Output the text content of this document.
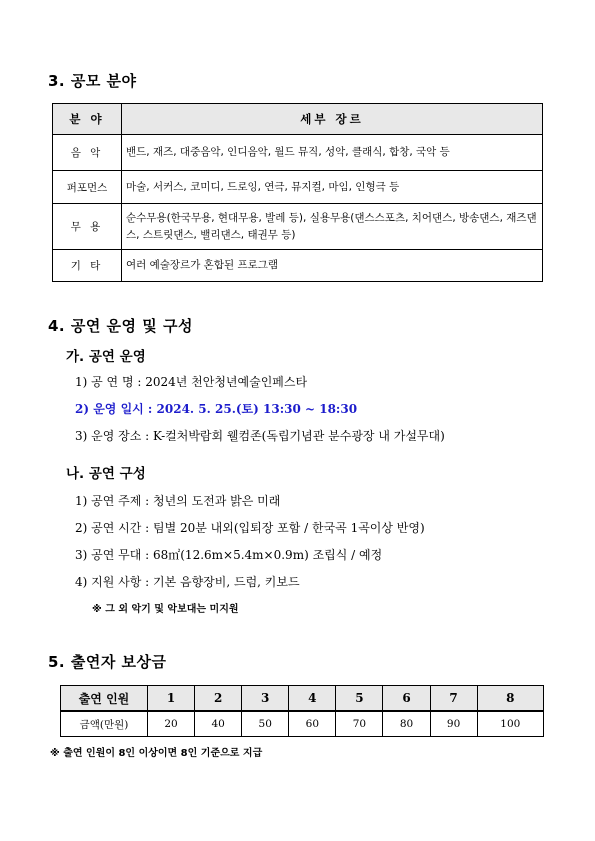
3. 공모 분야
분 야	세부 장르
음 악	밴드, 재즈, 대중음악, 인디음악, 월드 뮤직, 성악, 클래식, 합창, 국악 등
퍼포먼스	마술, 서커스, 코미디, 드로잉, 연극, 뮤지컬, 마임, 인형극 등
무 용	순수무용(한국무용, 현대무용, 발레 등), 실용무용(댄스스포츠, 치어댄스, 방송댄스, 재즈댄스, 스트릿댄스, 밸리댄스, 태권무 등)
기 타	여러 예술장르가 혼합된 프로그램
4. 공연 운영 및 구성
가. 공연 운영
1) 공 연 명 : 2024년 천안청년예술인페스타
2) 운영 일시 : 2024. 5. 25.(토) 13:30 ~ 18:30
3) 운영 장소 : K-컬처박람회 웰컴존(독립기념관 분수광장 내 가설무대)
나. 공연 구성
1) 공연 주제 : 청년의 도전과 밝은 미래
2) 공연 시간 : 팀별 20분 내외(입퇴장 포함 / 한국곡 1곡이상 반영)
3) 공연 무대 : 68㎡(12.6m×5.4m×0.9m) 조립식 / 예정
4) 지원 사항 : 기본 음향장비, 드럼, 키보드
※ 그 외 악기 및 악보대는 미지원
5. 출연자 보상금
출연 인원	1	2	3	4	5	6	7	8
금액(만원)	20	40	50	60	70	80	90	100
※ 출연 인원이 8인 이상이면 8인 기준으로 지급
